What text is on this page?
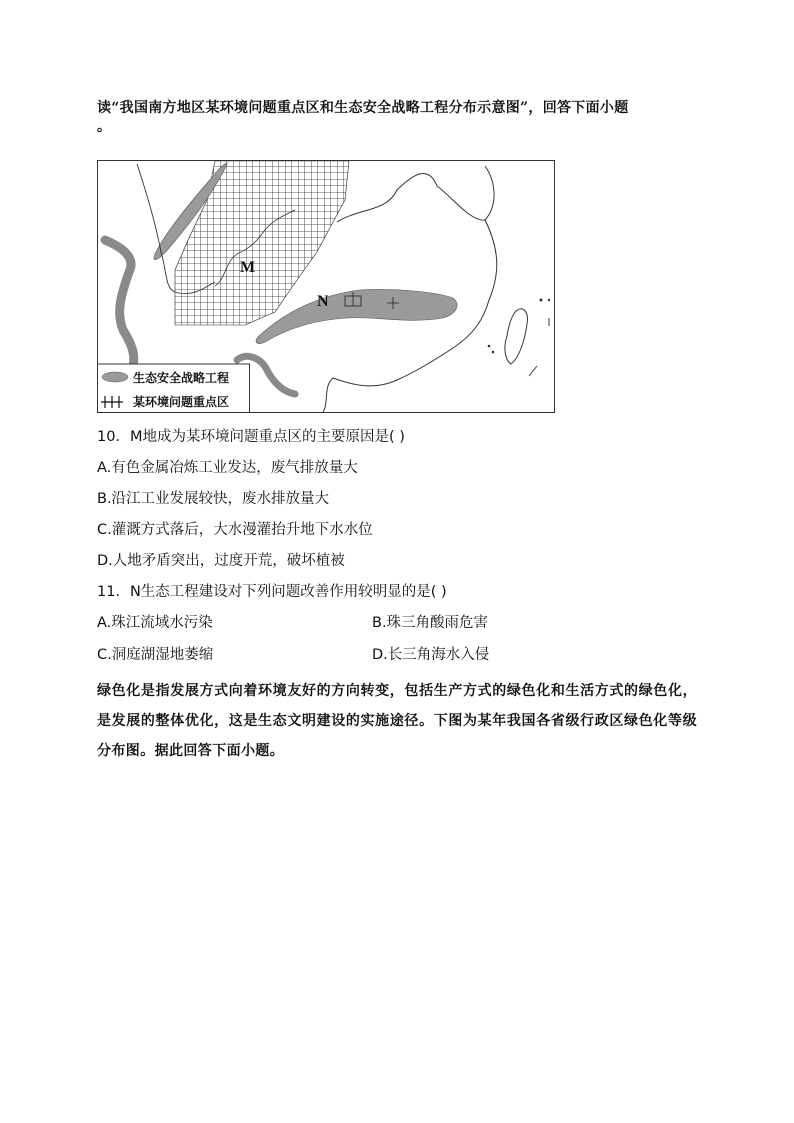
读“我国南方地区某环境问题重点区和生态安全战略工程分布示意图”，回答下面小题
。
M
N
生态安全战略工程
某环境问题重点区
10．M地成为某环境问题重点区的主要原因是( )
A.有色金属冶炼工业发达，废气排放量大
B.沿江工业发展较快，废水排放量大
C.灌溉方式落后，大水漫灌抬升地下水水位
D.人地矛盾突出，过度开荒，破坏植被
11．N生态工程建设对下列问题改善作用较明显的是( )
A.珠江流域水污染	B.珠三角酸雨危害
C.洞庭湖湿地萎缩	D.长三角海水入侵
绿色化是指发展方式向着环境友好的方向转变，包括生产方式的绿色化和生活方式的绿色化，是发展的整体优化，这是生态文明建设的实施途径。下图为某年我国各省级行政区绿色化等级分布图。据此回答下面小题。
